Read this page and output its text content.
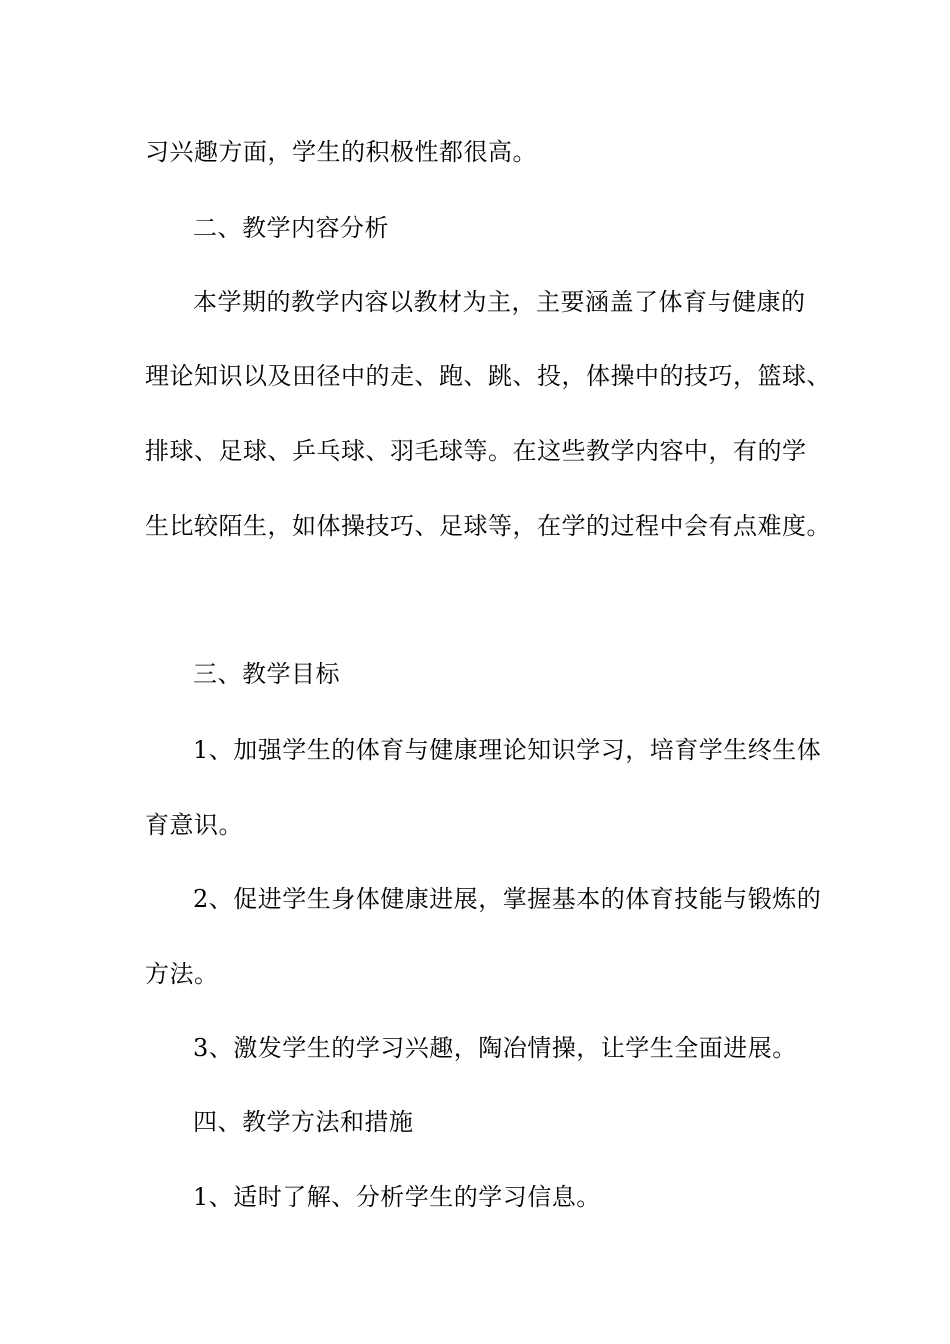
习兴趣方面，学生的积极性都很高。
二、教学内容分析
本学期的教学内容以教材为主，主要涵盖了体育与健康的
理论知识以及田径中的走、跑、跳、投，体操中的技巧，篮球、
排球、足球、乒乓球、羽毛球等。在这些教学内容中，有的学
生比较陌生，如体操技巧、足球等，在学的过程中会有点难度。
三、教学目标
1、加强学生的体育与健康理论知识学习，培育学生终生体
育意识。
2、促进学生身体健康进展，掌握基本的体育技能与锻炼的
方法。
3、激发学生的学习兴趣，陶冶情操，让学生全面进展。
四、教学方法和措施
1、适时了解、分析学生的学习信息。
